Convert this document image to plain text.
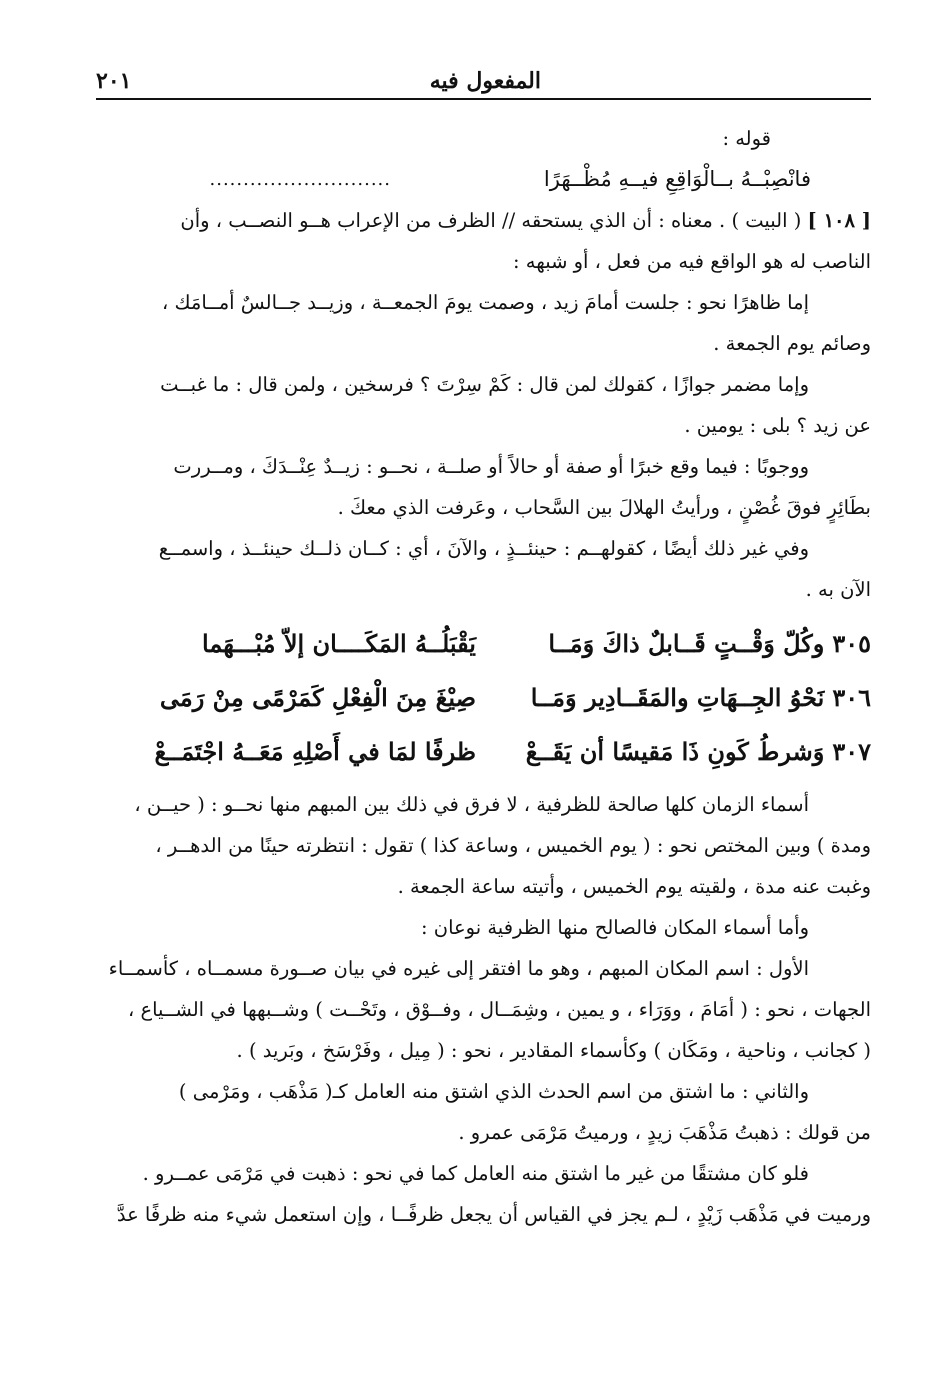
المفعول فيه
٢٠١
قوله :
فانْصِبْــهُ بــالْوَاقِعِ فيــهِ مُظْــهَرًا
...........................
[ ١٠٨ ] ( البيت ) . معناه : أن الذي يستحقه // الظرف من الإعراب هــو النصــب ، وأن
الناصب له هو الواقع فيه من فعل ، أو شبهه :
إما ظاهرًا نحو : جلست أمامَ زيد ، وصمت يومَ الجمعــة ، وزيــد جــالسٌ أمــامَك ،
وصائم يوم الجمعة .
وإما مضمر جوازًا ، كقولك لمن قال : كَمْ سِرْتَ ؟ فرسخين ، ولمن قال : ما غبــت
عن زيد ؟ بلى : يومين .
ووجوبًا : فيما وقع خبرًا أو صفة أو حالاً أو صلــة ، نحــو : زيــدٌ عِنْــدَكَ ، ومــررت
بطَائِرٍ فوقَ غُصْنٍ ، ورأيتُ الهلالَ بين السَّحاب ، وعَرفت الذي معكَ .
وفي غير ذلك أيضًا ، كقولهــم : حينئــذٍ ، والآنَ ، أي : كــان ذلــك حينئــذ ، واسمــع
الآن به .
٣٠٥وكُلّ وَقْــتٍ قَــابلٌ ذاكَ وَمَــا
يَقْبَلُــهُ المَكَــــان إلاّ مُبْـــهَما
٣٠٦نَحْوُ الجِــهَاتِ والمَقَــادِير وَمَــا
صِيْغَ مِنَ الْفِعْلِ كَمَرْمًى مِنْ رَمَى
٣٠٧وَشرطُ كَونِ ذَا مَقيسًا أن يَقَــعْ
ظرفًا لمَا في أَصْلِهِ مَعَــهُ اجْتَمَــعْ
أسماء الزمان كلها صالحة للظرفية ، لا فرق في ذلك بين المبهم منها نحــو : ( حيــن ،
ومدة ) وبين المختص نحو : ( يوم الخميس ، وساعة كذا ) تقول : انتظرته حينًا من الدهــر ،
وغبت عنه مدة ، ولقيته يوم الخميس ، وأتيته ساعة الجمعة .
وأما أسماء المكان فالصالح منها الظرفية نوعان :
الأول : اسم المكان المبهم ، وهو ما افتقر إلى غيره في بيان صــورة مسمــاه ، كأسمــاء
الجهات ، نحو : ( أمَامَ ، ووَرَاء ، و يمين ، وشِمَــال ، وفــوْق ، وتَحْــت ) وشــبهها في الشــياع ،
( كجانب ، وناحية ، ومَكَان ) وكأسماء المقادير ، نحو : ( مِيل ، وفَرْسَخ ، وبَريد ) .
والثاني : ما اشتق من اسم الحدث الذي اشتق منه العامل كـ( مَذْهَب ، ومَرْمى )
من قولك : ذهبتُ مَذْهَبَ زيدٍ ، ورميتُ مَرْمَى عمرو .
فلو كان مشتقًا من غير ما اشتق منه العامل كما في نحو : ذهبت في مَرْمَى عمــرو .
ورميت في مَذْهَب زَيْدٍ ، لـم يجز في القياس أن يجعل ظرفًــا ، وإن استعمل شيء منه ظرفًا عدَّ
